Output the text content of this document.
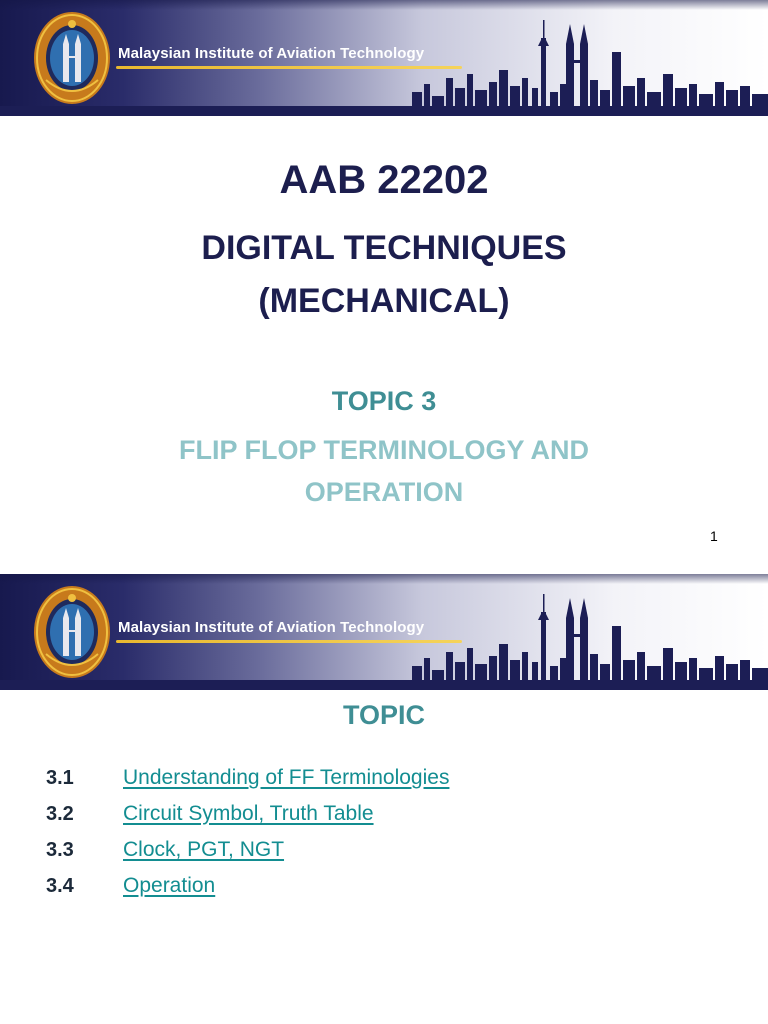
Malaysian Institute of Aviation Technology
AAB 22202
DIGITAL TECHNIQUES
(MECHANICAL)
TOPIC 3
FLIP FLOP TERMINOLOGY AND
OPERATION
1
Malaysian Institute of Aviation Technology
TOPIC
3.1	Understanding of FF Terminologies
3.2	Circuit Symbol, Truth Table
3.3	Clock, PGT, NGT
3.4	Operation
